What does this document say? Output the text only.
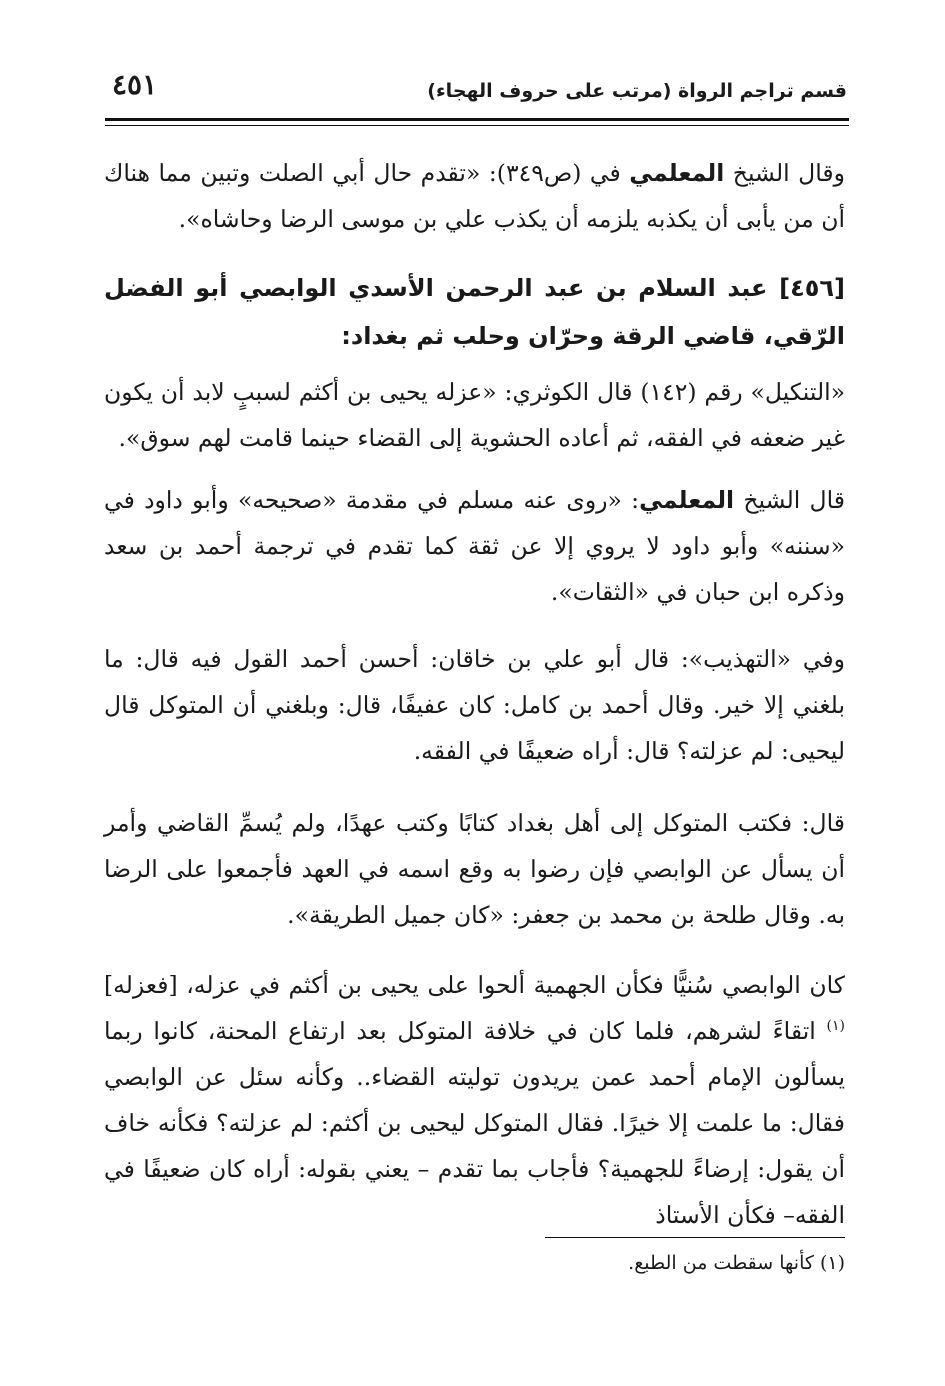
قسم تراجم الرواة (مرتب على حروف الهجاء)
٤٥١
وقال الشيخ المعلمي في (ص٣٤٩): «تقدم حال أبي الصلت وتبين مما هناك أن من يأبى أن يكذبه يلزمه أن يكذب علي بن موسى الرضا وحاشاه».
[٤٥٦] عبد السلام بن عبد الرحمن الأسدي الوابصي أبو الفضل الرّقي، قاضي الرقة وحرّان وحلب ثم بغداد:
«التنكيل» رقم (١٤٢) قال الكوثري: «عزله يحيى بن أكثم لسببٍ لابد أن يكون غير ضعفه في الفقه، ثم أعاده الحشوية إلى القضاء حينما قامت لهم سوق».
قال الشيخ المعلمي: «روى عنه مسلم في مقدمة «صحيحه» وأبو داود في «سننه» وأبو داود لا يروي إلا عن ثقة كما تقدم في ترجمة أحمد بن سعد وذكره ابن حبان في «الثقات».
وفي «التهذيب»: قال أبو علي بن خاقان: أحسن أحمد القول فيه قال: ما بلغني إلا خير. وقال أحمد بن كامل: كان عفيفًا، قال: وبلغني أن المتوكل قال ليحيى: لم عزلته؟ قال: أراه ضعيفًا في الفقه.
قال: فكتب المتوكل إلى أهل بغداد كتابًا وكتب عهدًا، ولم يُسمِّ القاضي وأمر أن يسأل عن الوابصي فإن رضوا به وقع اسمه في العهد فأجمعوا على الرضا به. وقال طلحة بن محمد بن جعفر: «كان جميل الطريقة».
كان الوابصي سُنيًّا فكأن الجهمية ألحوا على يحيى بن أكثم في عزله، [فعزله]$^{(١)}$ اتقاءً لشرهم، فلما كان في خلافة المتوكل بعد ارتفاع المحنة، كانوا ربما يسألون الإمام أحمد عمن يريدون توليته القضاء.. وكأنه سئل عن الوابصي فقال: ما علمت إلا خيرًا. فقال المتوكل ليحيى بن أكثم: لم عزلته؟ فكأنه خاف أن يقول: إرضاءً للجهمية؟ فأجاب بما تقدم – يعني بقوله: أراه كان ضعيفًا في الفقه– فكأن الأستاذ
(١) كأنها سقطت من الطبع.
